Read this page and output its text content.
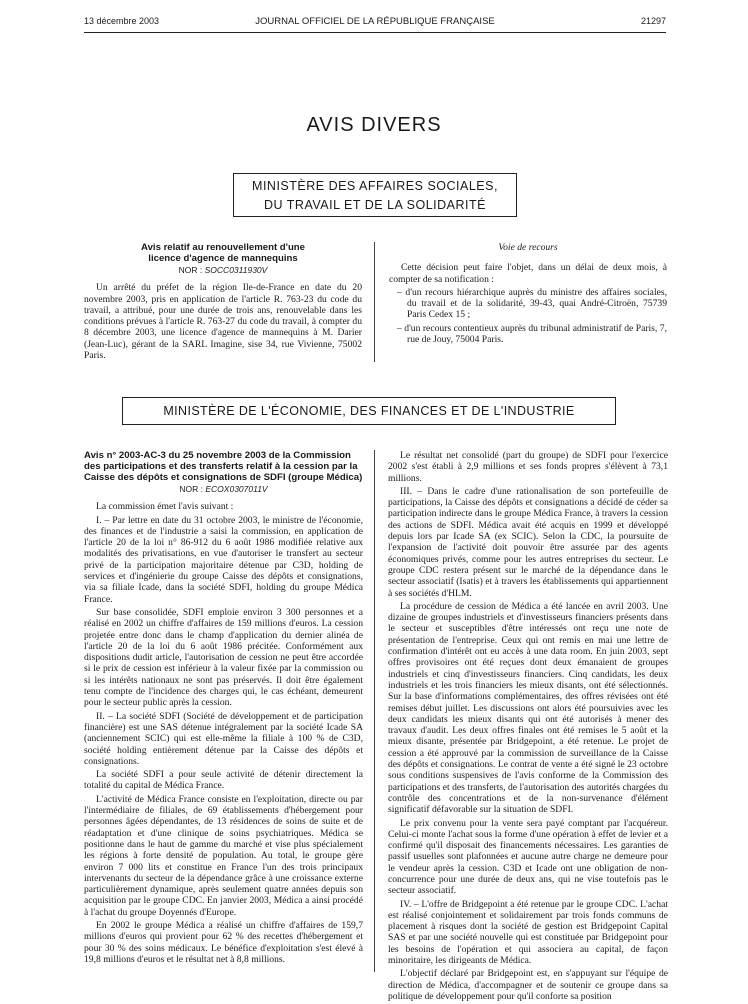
13 décembre 2003	JOURNAL OFFICIEL DE LA RÉPUBLIQUE FRANÇAISE	21297
AVIS DIVERS
MINISTÈRE DES AFFAIRES SOCIALES,
DU TRAVAIL ET DE LA SOLIDARITÉ
Avis relatif au renouvellement d'une licence d'agence de mannequins
NOR : SOCC0311930V

Un arrêté du préfet de la région Ile-de-France en date du 20 novembre 2003, pris en application de l'article R. 763-23 du code du travail, a attribué, pour une durée de trois ans, renouvelable dans les conditions prévues à l'article R. 763-27 du code du travail, à compter du 8 décembre 2003, une licence d'agence de mannequins à M. Darier (Jean-Luc), gérant de la SARL Imagine, sise 34, rue Vivienne, 75002 Paris.

Voie de recours

Cette décision peut faire l'objet, dans un délai de deux mois, à compter de sa notification :

– d'un recours hiérarchique auprès du ministre des affaires sociales, du travail et de la solidarité, 39-43, quai André-Citroën, 75739 Paris Cedex 15 ;
– d'un recours contentieux auprès du tribunal administratif de Paris, 7, rue de Jouy, 75004 Paris.
MINISTÈRE DE L'ÉCONOMIE, DES FINANCES ET DE L'INDUSTRIE
Avis n° 2003-AC-3 du 25 novembre 2003 de la Commission des participations et des transferts relatif à la cession par la Caisse des dépôts et consignations de SDFI (groupe Médica)
NOR : ECOX0307011V

La commission émet l'avis suivant :

I. – Par lettre en date du 31 octobre 2003, le ministre de l'économie, des finances et de l'industrie a saisi la commission, en application de l'article 20 de la loi n° 86-912 du 6 août 1986 modifiée relative aux modalités des privatisations, en vue d'autoriser le transfert au secteur privé de la participation majoritaire détenue par C3D, holding de services et d'ingénierie du groupe Caisse des dépôts et consignations, via sa filiale Icade, dans la société SDFI, holding du groupe Médica France.

Sur base consolidée, SDFI emploie environ 3 300 personnes et a réalisé en 2002 un chiffre d'affaires de 159 millions d'euros. La cession projetée entre donc dans le champ d'application du dernier alinéa de l'article 20 de la loi du 6 août 1986 précitée. Conformément aux dispositions dudit article, l'autorisation de cession ne peut être accordée si le prix de cession est inférieur à la valeur fixée par la commission ou si les intérêts nationaux ne sont pas préservés. Il doit être également tenu compte de l'incidence des charges qui, le cas échéant, demeurent pour le secteur public après la cession.

II. – La société SDFI (Société de développement et de participation financière) est une SAS détenue intégralement par la société Icade SA (anciennement SCIC) qui est elle-même la filiale à 100 % de C3D, société holding entièrement détenue par la Caisse des dépôts et consignations.

La société SDFI a pour seule activité de détenir directement la totalité du capital de Médica France.

L'activité de Médica France consiste en l'exploitation, directe ou par l'intermédiaire de filiales, de 69 établissements d'hébergement pour personnes âgées dépendantes, de 13 résidences de soins de suite et de réadaptation et d'une clinique de soins psychiatriques. Médica se positionne dans le haut de gamme du marché et vise plus spécialement les régions à forte densité de population. Au total, le groupe gère environ 7 000 lits et constitue en France l'un des trois principaux intervenants du secteur de la dépendance grâce à une croissance externe particulièrement dynamique, après seulement quatre années depuis son acquisition par le groupe CDC. En janvier 2003, Médica a ainsi procédé à l'achat du groupe Doyennés d'Europe.

En 2002 le groupe Médica a réalisé un chiffre d'affaires de 159,7 millions d'euros qui provient pour 62 % des recettes d'hébergement et pour 30 % des soins médicaux. Le bénéfice d'exploitation s'est élevé à 19,8 millions d'euros et le résultat net à 8,8 millions.

Le résultat net consolidé (part du groupe) de SDFI pour l'exercice 2002 s'est établi à 2,9 millions et ses fonds propres s'élèvent à 73,1 millions.

III. – Dans le cadre d'une rationalisation de son portefeuille de participations, la Caisse des dépôts et consignations a décidé de céder sa participation indirecte dans le groupe Médica France, à travers la cession des actions de SDFI. Médica avait été acquis en 1999 et développé depuis lors par Icade SA (ex SCIC). Selon la CDC, la poursuite de l'expansion de l'activité doit pouvoir être assurée par des agents économiques privés, comme pour les autres entreprises du secteur. Le groupe CDC restera présent sur le marché de la dépendance dans le secteur associatif (Isatis) et à travers les établissements qui appartiennent à ses sociétés d'HLM.

La procédure de cession de Médica a été lancée en avril 2003. Une dizaine de groupes industriels et d'investisseurs financiers présents dans le secteur et susceptibles d'être intéressés ont reçu une note de présentation de l'entreprise. Ceux qui ont remis en mai une lettre de confirmation d'intérêt ont eu accès à une data room. En juin 2003, sept offres provisoires ont été reçues dont deux émanaient de groupes industriels et cinq d'investisseurs financiers. Cinq candidats, les deux industriels et les trois financiers les mieux disants, ont été sélectionnés. Sur la base d'informations complémentaires, des offres révisées ont été remises début juillet. Les discussions ont alors été poursuivies avec les deux candidats les mieux disants qui ont été autorisés à mener des travaux d'audit. Les deux offres finales ont été remises le 5 août et la mieux disante, présentée par Bridgepoint, a été retenue. Le projet de cession a été approuvé par la commission de surveillance de la Caisse des dépôts et consignations. Le contrat de vente a été signé le 23 octobre sous conditions suspensives de l'avis conforme de la Commission des participations et des transferts, de l'autorisation des autorités chargées du contrôle des concentrations et de la non-survenance d'élément significatif défavorable sur la situation de SDFI.

Le prix convenu pour la vente sera payé comptant par l'acquéreur. Celui-ci monte l'achat sous la forme d'une opération à effet de levier et a confirmé qu'il disposait des financements nécessaires. Les garanties de passif usuelles sont plafonnées et aucune autre charge ne demeure pour le vendeur après la cession. C3D et Icade ont une obligation de non-concurrence pour une durée de deux ans, qui ne vise toutefois pas le secteur associatif.

IV. – L'offre de Bridgepoint a été retenue par le groupe CDC. L'achat est réalisé conjointement et solidairement par trois fonds communs de placement à risques dont la société de gestion est Bridgepoint Capital SAS et par une société nouvelle qui est constituée par Bridgepoint pour les besoins de l'opération et qui associera au capital, de façon minoritaire, les dirigeants de Médica.

L'objectif déclaré par Bridgepoint est, en s'appuyant sur l'équipe de direction de Médica, d'accompagner et de soutenir ce groupe dans sa politique de développement pour qu'il conforte sa position
